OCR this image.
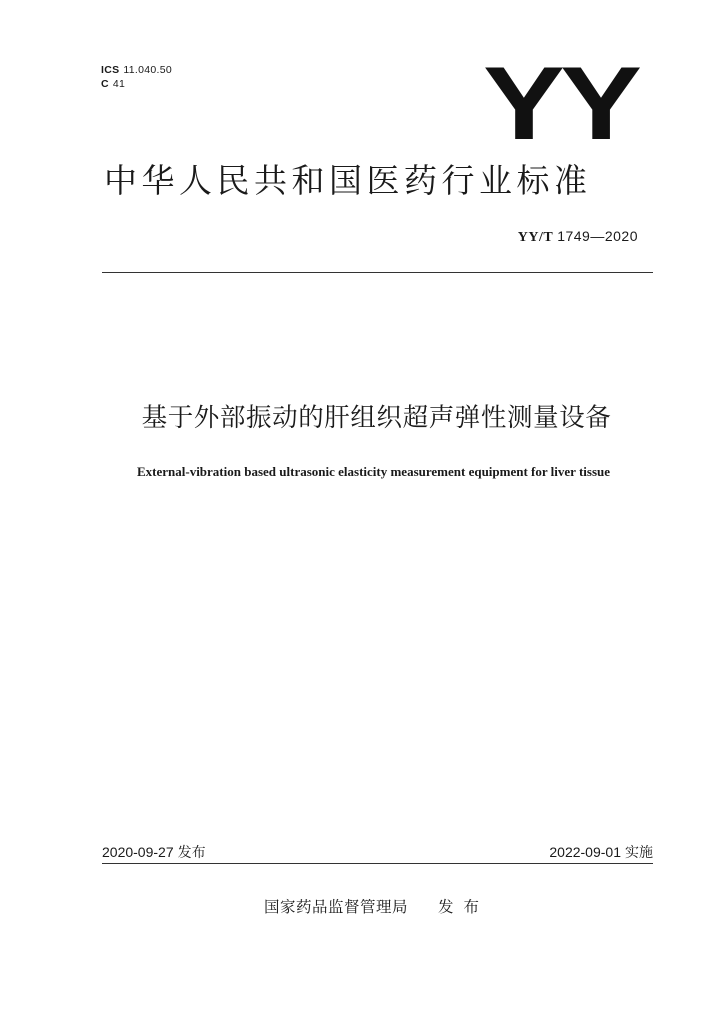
ICS 11.040.50
C 41	YY
中华人民共和国医药行业标准
YY/T 1749—2020
基于外部振动的肝组织超声弹性测量设备
External-vibration based ultrasonic elasticity measurement equipment for liver tissue
2020-09-27 发布	2022-09-01 实施
国家药品监督管理局 发布
